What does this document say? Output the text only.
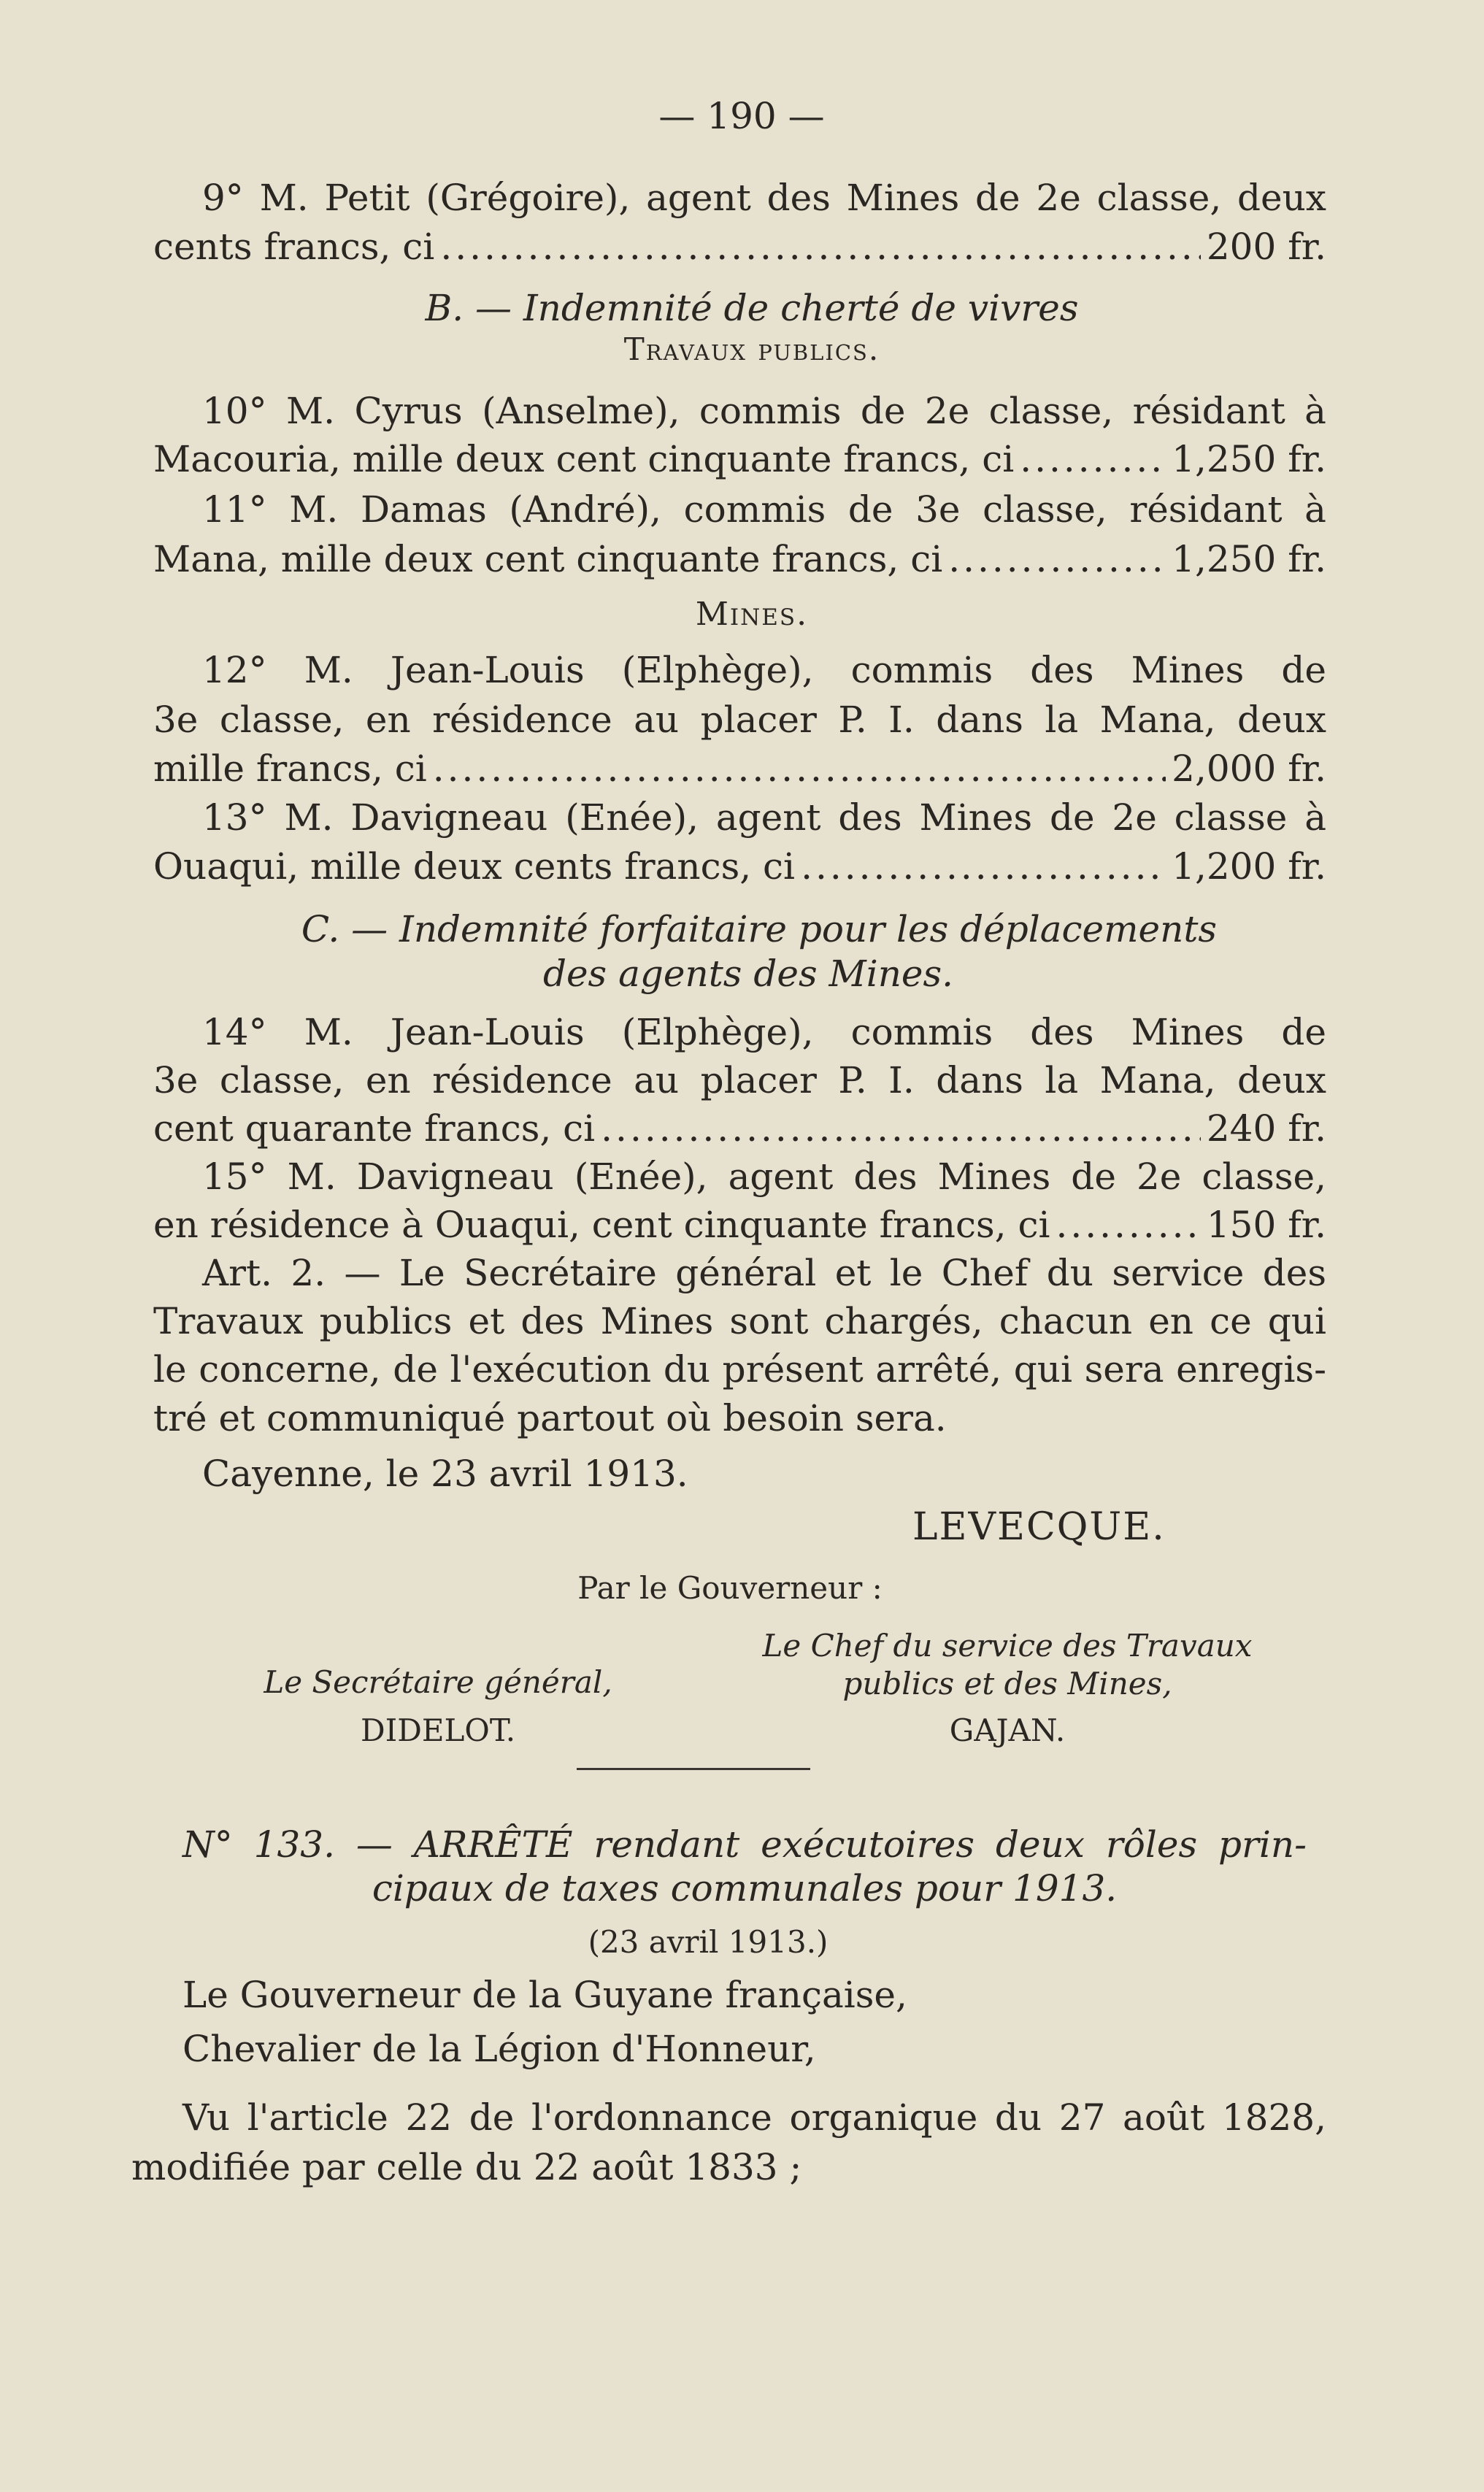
— 190 —
9° M. Petit (Grégoire), agent des Mines de 2e classe, deux
cents francs, ci .....	200 fr.
B. — Indemnité de cherté de vivres
Travaux publics.
10° M. Cyrus (Anselme), commis de 2e classe, résidant à
Macouria, mille deux cent cinquante francs, ci .....	1,250 fr.
11° M. Damas (André), commis de 3e classe, résidant à
Mana, mille deux cent cinquante francs, ci .....	1,250 fr.
Mines.
12° M. Jean-Louis (Elphège), commis des Mines de
3e classe, en résidence au placer P. I. dans la Mana, deux
mille francs, ci .....	2,000 fr.
13° M. Davigneau (Enée), agent des Mines de 2e classe à
Ouaqui, mille deux cents francs, ci .....	1,200 fr.
C. — Indemnité forfaitaire pour les déplacements
des agents des Mines.
14° M. Jean-Louis (Elphège), commis des Mines de
3e classe, en résidence au placer P. I. dans la Mana, deux
cent quarante francs, ci .....	240 fr.
15° M. Davigneau (Enée), agent des Mines de 2e classe,
en résidence à Ouaqui, cent cinquante francs, ci .....	150 fr.
Art. 2. — Le Secrétaire général et le Chef du service des
Travaux publics et des Mines sont chargés, chacun en ce qui
le concerne, de l'exécution du présent arrêté, qui sera enregis-
tré et communiqué partout où besoin sera.
Cayenne, le 23 avril 1913.
LEVECQUE.
Par le Gouverneur :
Le Chef du service des Travaux
Le Secrétaire général,	publics et des Mines,
DIDELOT.	GAJAN.
N° 133. — ARRÊTÉ rendant exécutoires deux rôles prin-
cipaux de taxes communales pour 1913.
(23 avril 1913.)
Le Gouverneur de la Guyane française,
Chevalier de la Légion d'Honneur,
Vu l'article 22 de l'ordonnance organique du 27 août 1828,
modifiée par celle du 22 août 1833 ;
